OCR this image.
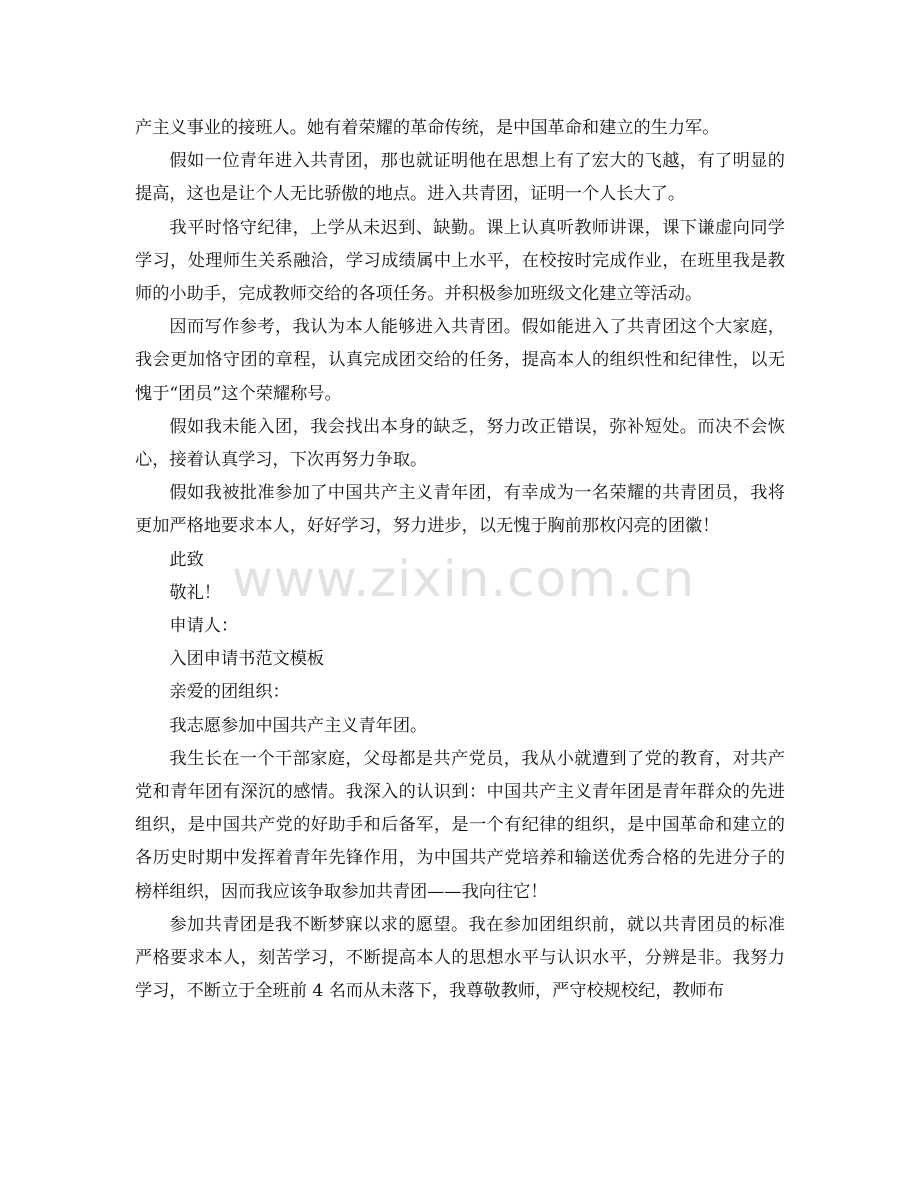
产主义事业的接班人。她有着荣耀的革命传统，是中国革命和建立的生力军。

假如一位青年进入共青团，那也就证明他在思想上有了宏大的飞越，有了明显的提高，这也是让个人无比骄傲的地点。进入共青团，证明一个人长大了。

我平时恪守纪律，上学从未迟到、缺勤。课上认真听教师讲课，课下谦虚向同学学习，处理师生关系融洽，学习成绩属中上水平，在校按时完成作业，在班里我是教师的小助手，完成教师交给的各项任务。并积极参加班级文化建立等活动。

因而写作参考，我认为本人能够进入共青团。假如能进入了共青团这个大家庭，我会更加恪守团的章程，认真完成团交给的任务，提高本人的组织性和纪律性，以无愧于“团员”这个荣耀称号。

假如我未能入团，我会找出本身的缺乏，努力改正错误，弥补短处。而决不会恢心，接着认真学习，下次再努力争取。

假如我被批准参加了中国共产主义青年团，有幸成为一名荣耀的共青团员，我将更加严格地要求本人，好好学习，努力进步，以无愧于胸前那枚闪亮的团徽！

此致

敬礼！

申请人：

入团申请书范文模板

亲爱的团组织：

我志愿参加中国共产主义青年团。

我生长在一个干部家庭，父母都是共产党员，我从小就遭到了党的教育，对共产党和青年团有深沉的感情。我深入的认识到：中国共产主义青年团是青年群众的先进组织，是中国共产党的好助手和后备军，是一个有纪律的组织，是中国革命和建立的各历史时期中发挥着青年先锋作用，为中国共产党培养和输送优秀合格的先进分子的榜样组织，因而我应该争取参加共青团——我向往它！

参加共青团是我不断梦寐以求的愿望。我在参加团组织前，就以共青团员的标准严格要求本人，刻苦学习，不断提高本人的思想水平与认识水平，分辨是非。我努力学习，不断立于全班前 4 名而从未落下，我尊敬教师，严守校规校纪，教师布

www.zixin.com.cn
